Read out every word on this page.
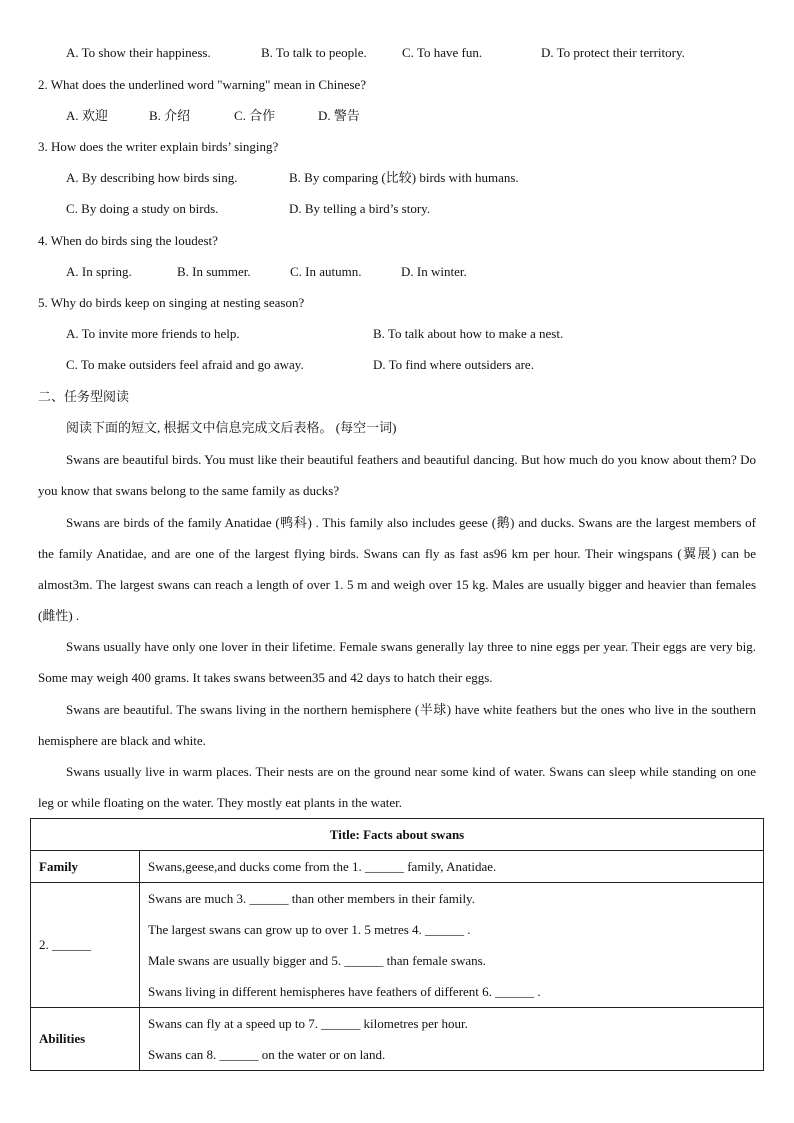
A. To show their happiness.	B. To talk to people.	C. To have fun.	D. To protect their territory.
2. What does the underlined word "warning" mean in Chinese?
A. 欢迎	B. 介绍	C. 合作	D. 警告
3. How does the writer explain birds’ singing?
A. By describing how birds sing.	B. By comparing (比较) birds with humans.
C. By doing a study on birds.	D. By telling a bird’s story.
4. When do birds sing the loudest?
A. In spring.	B. In summer.	C. In autumn.	D. In winter.
5. Why do birds keep on singing at nesting season?
A. To invite more friends to help.	B. To talk about how to make a nest.
C. To make outsiders feel afraid and go away.	D. To find where outsiders are.
二、任务型阅读
阅读下面的短文, 根据文中信息完成文后表格。 (每空一词)
Swans are beautiful birds. You must like their beautiful feathers and beautiful dancing. But how much do you know about them? Do you know that swans belong to the same family as ducks?
Swans are birds of the family Anatidae (鸭科) . This family also includes geese (鹅) and ducks. Swans are the largest members of the family Anatidae, and are one of the largest flying birds. Swans can fly as fast as96 km per hour. Their wingspans (翼展) can be almost3m. The largest swans can reach a length of over 1. 5 m and weigh over 15 kg. Males are usually bigger and heavier than females (雌性) .
Swans usually have only one lover in their lifetime. Female swans generally lay three to nine eggs per year. Their eggs are very big. Some may weigh 400 grams. It takes swans between35 and 42 days to hatch their eggs.
Swans are beautiful. The swans living in the northern hemisphere (半球) have white feathers but the ones who live in the southern hemisphere are black and white.
Swans usually live in warm places. Their nests are on the ground near some kind of water. Swans can sleep while standing on one leg or while floating on the water. They mostly eat plants in the water.
Title: Facts about swans	
Family	Swans,geese,and ducks come from the 1. ______ family, Anatidae.

2. ______	Swans are much 3. ______ than other members in their family.
The largest swans can grow up to over 1. 5 metres 4. ______ .
Male swans are usually bigger and 5. ______ than female swans.
Swans living in different hemispheres have feathers of different 6. ______ .

Abilities	Swans can fly at a speed up to 7. ______ kilometres per hour.
Swans can 8. ______ on the water or on land.
